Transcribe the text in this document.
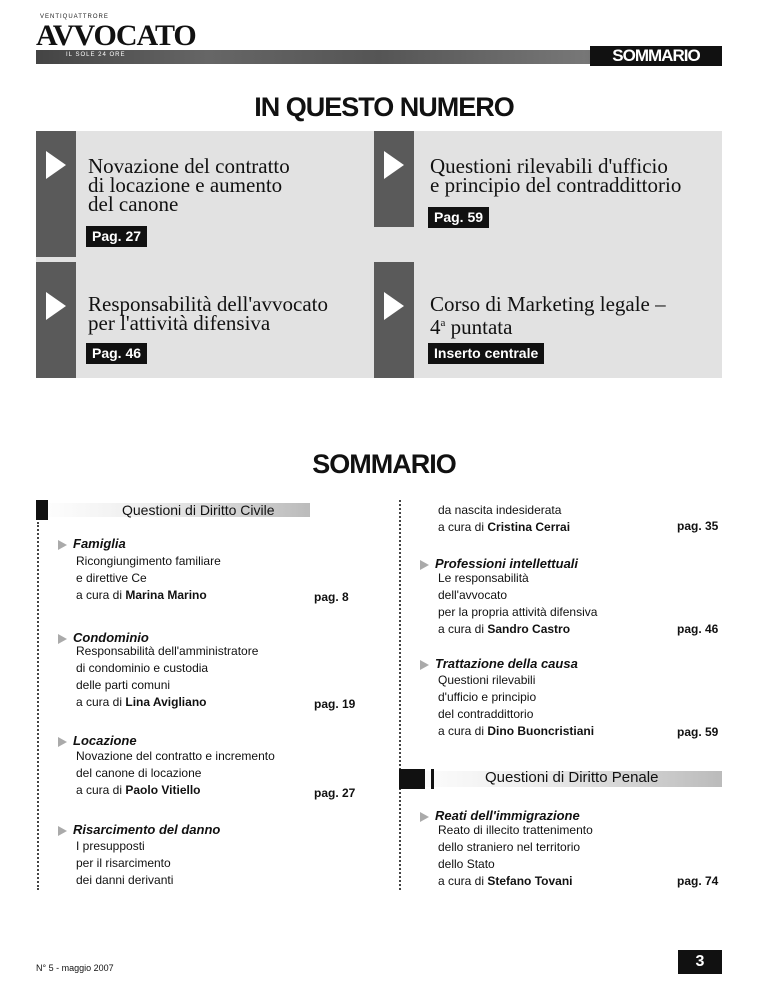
VENTIQUATTRORE
AVVOCATO
IL SOLE 24 ORE	SOMMARIO
IN QUESTO NUMERO
Novazione del contratto
di locazione e aumento
del canone
Pag. 27
Questioni rilevabili d'ufficio
e principio del contraddittorio
Pag. 59
Responsabilità dell'avvocato
per l'attività difensiva
Pag. 46
Corso di Marketing legale –
4$^a$ puntata
Inserto centrale
SOMMARIO
Questioni di Diritto Civile
Famiglia
Ricongiungimento familiare
e direttive Ce
a cura di Marina Marino	pag. 8
Condominio
Responsabilità dell'amministratore
di condominio e custodia
delle parti comuni
a cura di Lina Avigliano	pag. 19
Locazione
Novazione del contratto e incremento
del canone di locazione
a cura di Paolo Vitiello	pag. 27
Risarcimento del danno
I presupposti
per il risarcimento
dei danni derivanti
da nascita indesiderata
a cura di Cristina Cerrai	pag. 35
Professioni intellettuali
Le responsabilità
dell'avvocato
per la propria attività difensiva
a cura di Sandro Castro	pag. 46
Trattazione della causa
Questioni rilevabili
d'ufficio e principio
del contraddittorio
a cura di Dino Buoncristiani	pag. 59
Questioni di Diritto Penale
Reati dell'immigrazione
Reato di illecito trattenimento
dello straniero nel territorio
dello Stato
a cura di Stefano Tovani	pag. 74
N° 5 - maggio 2007	3
